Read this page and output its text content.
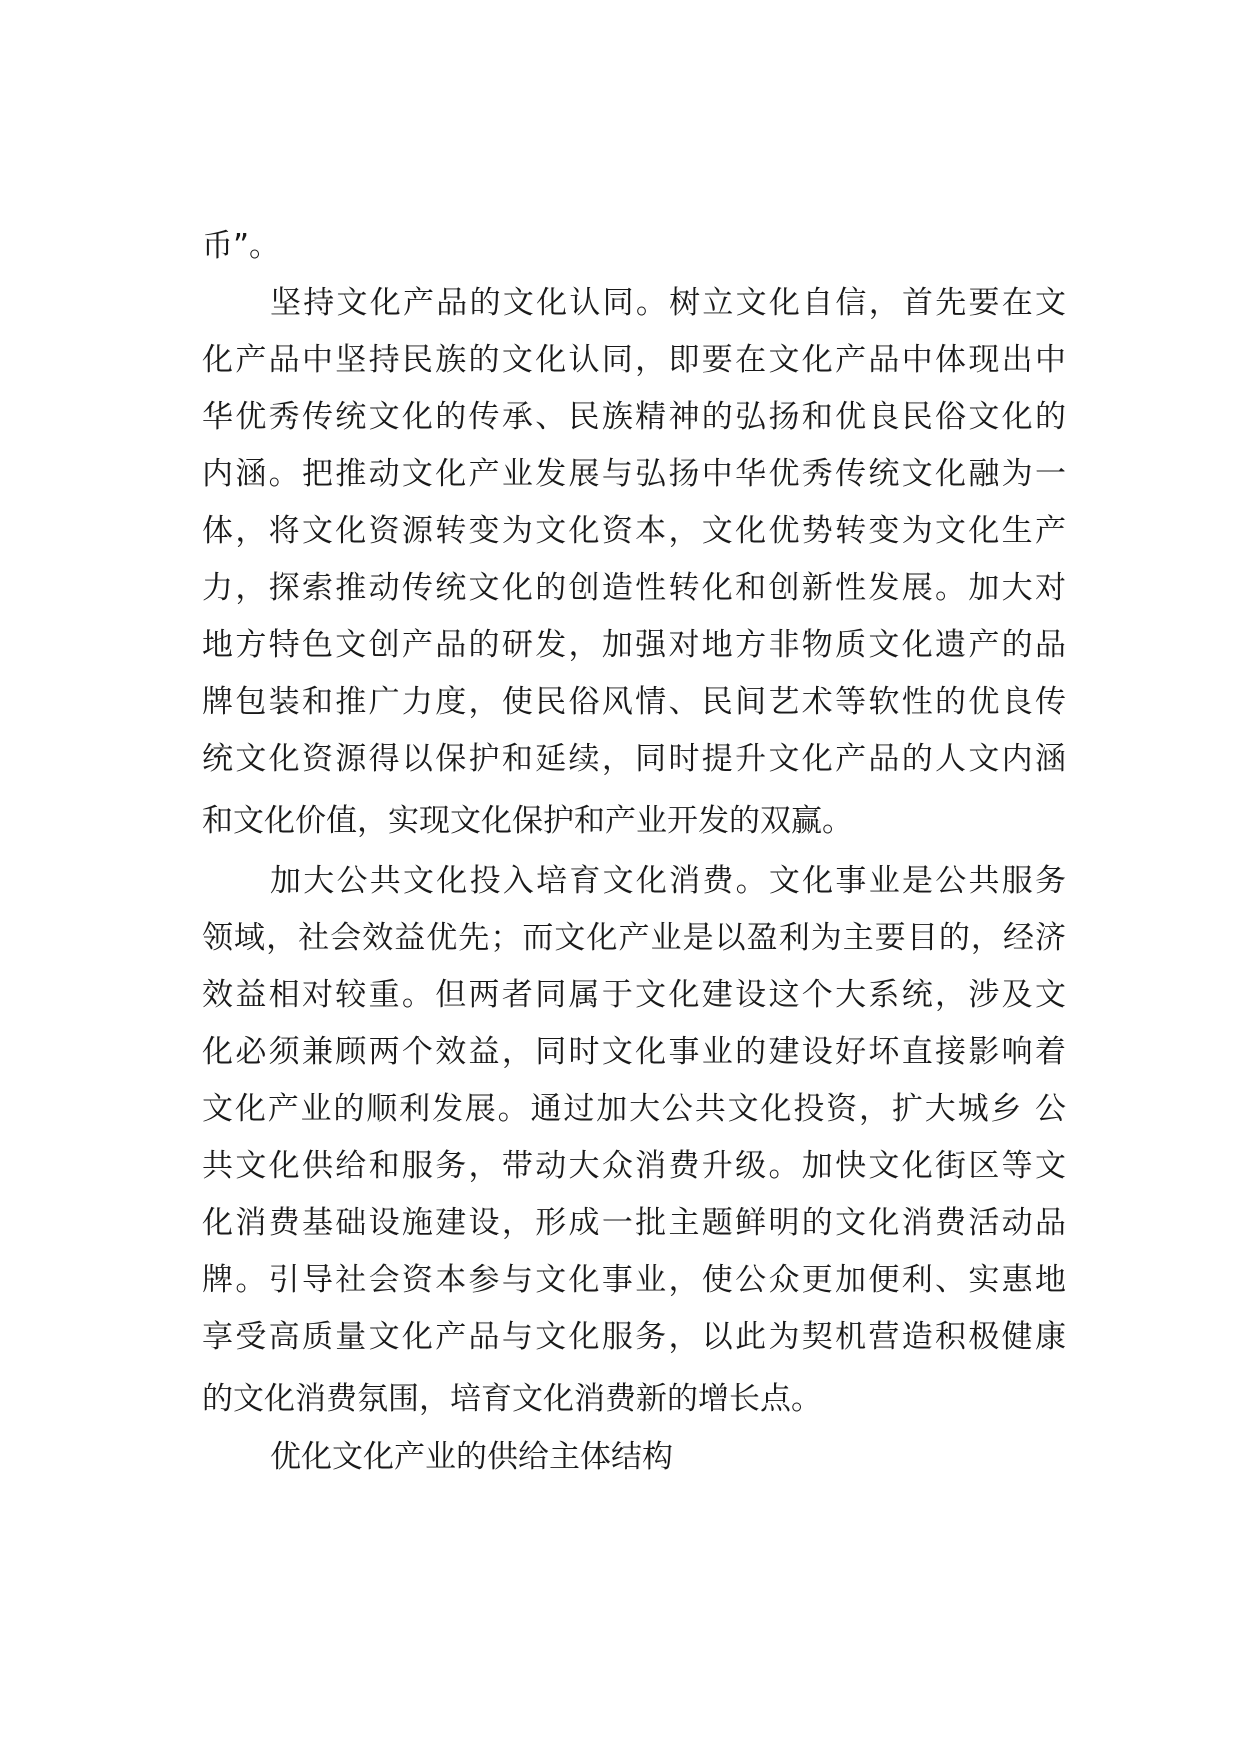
币”。
坚持文化产品的文化认同。树立文化自信，首先要在文
化产品中坚持民族的文化认同，即要在文化产品中体现出中
华优秀传统文化的传承、民族精神的弘扬和优良民俗文化的
内涵。把推动文化产业发展与弘扬中华优秀传统文化融为一
体，将文化资源转变为文化资本，文化优势转变为文化生产
力，探索推动传统文化的创造性转化和创新性发展。加大对
地方特色文创产品的研发，加强对地方非物质文化遗产的品
牌包装和推广力度，使民俗风情、民间艺术等软性的优良传
统文化资源得以保护和延续，同时提升文化产品的人文内涵
和文化价值，实现文化保护和产业开发的双赢。
加大公共文化投入培育文化消费。文化事业是公共服务
领域，社会效益优先；而文化产业是以盈利为主要目的，经济
效益相对较重。但两者同属于文化建设这个大系统，涉及文
化必须兼顾两个效益，同时文化事业的建设好坏直接影响着
文化产业的顺利发展。通过加大公共文化投资，扩大城乡 公
共文化供给和服务，带动大众消费升级。加快文化街区等文
化消费基础设施建设，形成一批主题鲜明的文化消费活动品
牌。引导社会资本参与文化事业，使公众更加便利、实惠地
享受高质量文化产品与文化服务，以此为契机营造积极健康
的文化消费氛围，培育文化消费新的增长点。
优化文化产业的供给主体结构
